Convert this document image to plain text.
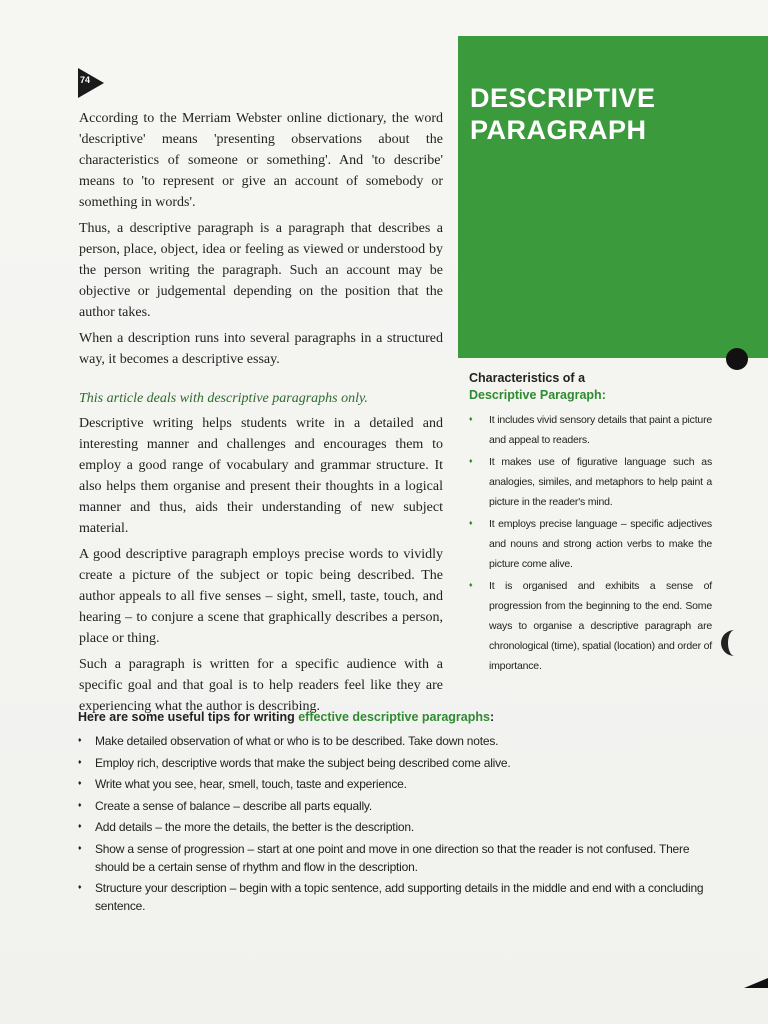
74
DESCRIPTIVE PARAGRAPH

According to the Merriam Webster online dictionary, the word 'descriptive' means 'presenting observations about the characteristics of someone or something'. And 'to describe' means to 'to represent or give an account of somebody or something in words'.

Thus, a descriptive paragraph is a paragraph that describes a person, place, object, idea or feeling as viewed or understood by the person writing the paragraph. Such an account may be objective or judgemental depending on the position that the author takes.

When a description runs into several paragraphs in a structured way, it becomes a descriptive essay.

This article deals with descriptive paragraphs only.

Descriptive writing helps students write in a detailed and interesting manner and challenges and encourages them to employ a good range of vocabulary and grammar structure. It also helps them organise and present their thoughts in a logical manner and thus, aids their understanding of new subject material.

A good descriptive paragraph employs precise words to vividly create a picture of the subject or topic being described. The author appeals to all five senses – sight, smell, taste, touch, and hearing – to conjure a scene that graphically describes a person, place or thing.

Such a paragraph is written for a specific audience with a specific goal and that goal is to help readers feel like they are experiencing what the author is describing.

Characteristics of a
Descriptive Paragraph:
♦ It includes vivid sensory details that paint a picture and appeal to readers.
♦ It makes use of figurative language such as analogies, similes, and metaphors to help paint a picture in the reader's mind.
♦ It employs precise language – specific adjectives and nouns and strong action verbs to make the picture come alive.
♦ It is organised and exhibits a sense of progression from the beginning to the end. Some ways to organise a descriptive paragraph are chronological (time), spatial (location) and order of importance.
Here are some useful tips for writing effective descriptive paragraphs:
♦ Make detailed observation of what or who is to be described. Take down notes.
♦ Employ rich, descriptive words that make the subject being described come alive.
♦ Write what you see, hear, smell, touch, taste and experience.
♦ Create a sense of balance – describe all parts equally.
♦ Add details – the more the details, the better is the description.
♦ Show a sense of progression – start at one point and move in one direction so that the reader is not confused. There should be a certain sense of rhythm and flow in the description.
♦ Structure your description – begin with a topic sentence, add supporting details in the middle and end with a concluding sentence.
